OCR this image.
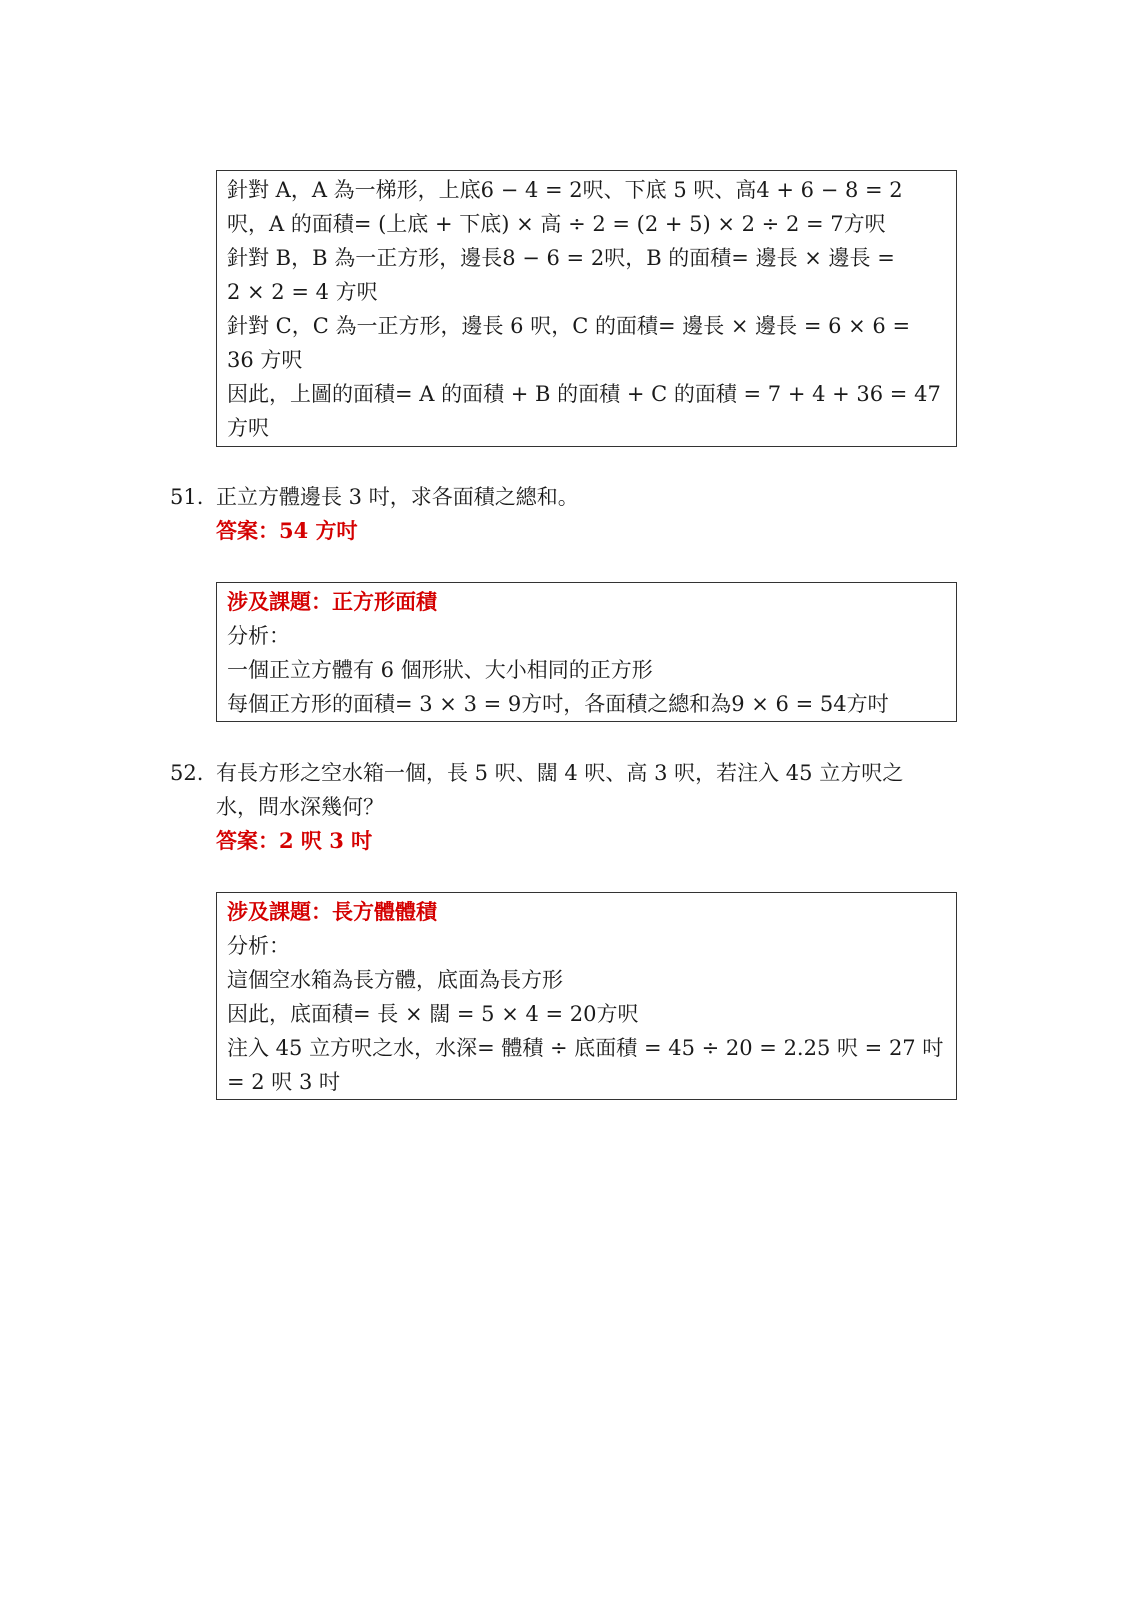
針對 A，A 為一梯形，上底6 − 4 = 2呎、下底 5 呎、高4 + 6 − 8 = 2
呎，A 的面積= (上底 + 下底) × 高 ÷ 2 = (2 + 5) × 2 ÷ 2 = 7方呎
針對 B，B 為一正方形，邊長8 − 6 = 2呎，B 的面積= 邊長 × 邊長 =
2 × 2 = 4 方呎
針對 C，C 為一正方形，邊長 6 呎，C 的面積= 邊長 × 邊長 = 6 × 6 =
36 方呎
因此，上圖的面積= A 的面積 + B 的面積 + C 的面積 = 7 + 4 + 36 = 47
方呎
51. 正立方體邊長 3 吋，求各面積之總和。
答案：54 方吋
涉及課題：正方形面積
分析：
一個正立方體有 6 個形狀、大小相同的正方形
每個正方形的面積= 3 × 3 = 9方吋，各面積之總和為9 × 6 = 54方吋
52. 有長方形之空水箱一個，長 5 呎、闊 4 呎、高 3 呎，若注入 45 立方呎之
水，問水深幾何？
答案：2 呎 3 吋
涉及課題：長方體體積
分析：
這個空水箱為長方體，底面為長方形
因此，底面積= 長 × 闊 = 5 × 4 = 20方呎
注入 45 立方呎之水，水深= 體積 ÷ 底面積 = 45 ÷ 20 = 2.25 呎 = 27 吋
= 2 呎 3 吋
